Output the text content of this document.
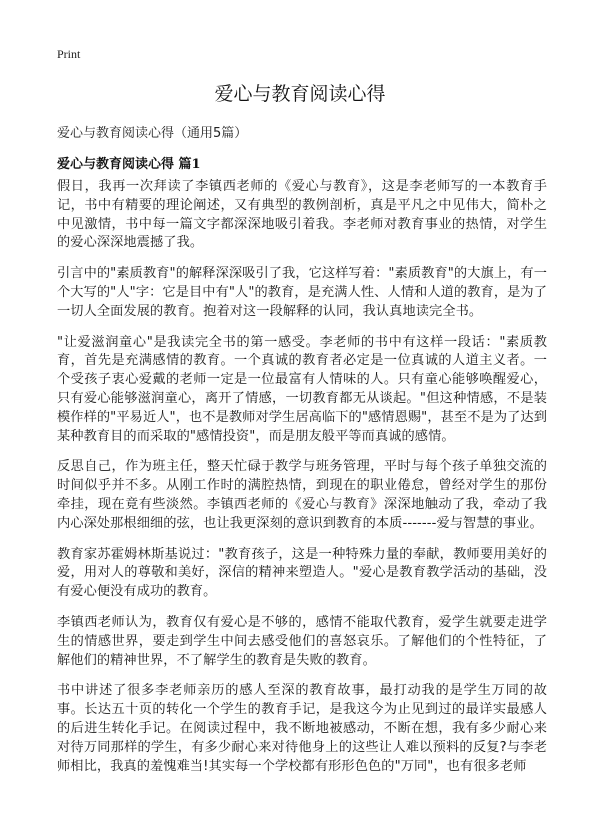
Print
爱心与教育阅读心得
爱心与教育阅读心得（通用5篇）
爱心与教育阅读心得 篇1

假日，我再一次拜读了李镇西老师的《爱心与教育》，这是李老师写的一本教育手记，书中有精要的理论阐述，又有典型的教例剖析，真是平凡之中见伟大，简朴之中见激情，书中每一篇文字都深深地吸引着我。李老师对教育事业的热情，对学生的爱心深深地震撼了我。

引言中的"素质教育"的解释深深吸引了我，它这样写着："素质教育"的大旗上，有一个大写的"人"字：它是目中有"人"的教育，是充满人性、人情和人道的教育，是为了一切人全面发展的教育。抱着对这一段解释的认同，我认真地读完全书。

"让爱滋润童心"是我读完全书的第一感受。李老师的书中有这样一段话："素质教育，首先是充满感情的教育。一个真诚的教育者必定是一位真诚的人道主义者。一个受孩子衷心爱戴的老师一定是一位最富有人情味的人。只有童心能够唤醒爱心，只有爱心能够滋润童心，离开了情感，一切教育都无从谈起。"但这种情感，不是装模作样的"平易近人"，也不是教师对学生居高临下的"感情恩赐"，甚至不是为了达到某种教育目的而采取的"感情投资"，而是朋友般平等而真诚的感情。

反思自己，作为班主任，整天忙碌于教学与班务管理，平时与每个孩子单独交流的时间似乎并不多。从刚工作时的满腔热情，到现在的职业倦怠，曾经对学生的那份牵挂，现在竟有些淡然。李镇西老师的《爱心与教育》深深地触动了我，牵动了我内心深处那根细细的弦，也让我更深刻的意识到教育的本质-------爱与智慧的事业。

教育家苏霍姆林斯基说过："教育孩子，这是一种特殊力量的奉献，教师要用美好的爱，用对人的尊敬和美好，深信的精神来塑造人。"爱心是教育教学活动的基础，没有爱心便没有成功的教育。

李镇西老师认为，教育仅有爱心是不够的，感情不能取代教育，爱学生就要走进学生的情感世界，要走到学生中间去感受他们的喜怒哀乐。了解他们的个性特征，了解他们的精神世界，不了解学生的教育是失败的教育。

书中讲述了很多李老师亲历的感人至深的教育故事，最打动我的是学生万同的故事。长达五十页的转化一个学生的教育手记，是我这今为止见到过的最详实最感人的后进生转化手记。在阅读过程中，我不断地被感动，不断在想，我有多少耐心来对待万同那样的学生，有多少耐心来对待他身上的这些让人难以预料的反复?与李老师相比，我真的羞愧难当!其实每一个学校都有形形色色的"万同"，也有很多老师
